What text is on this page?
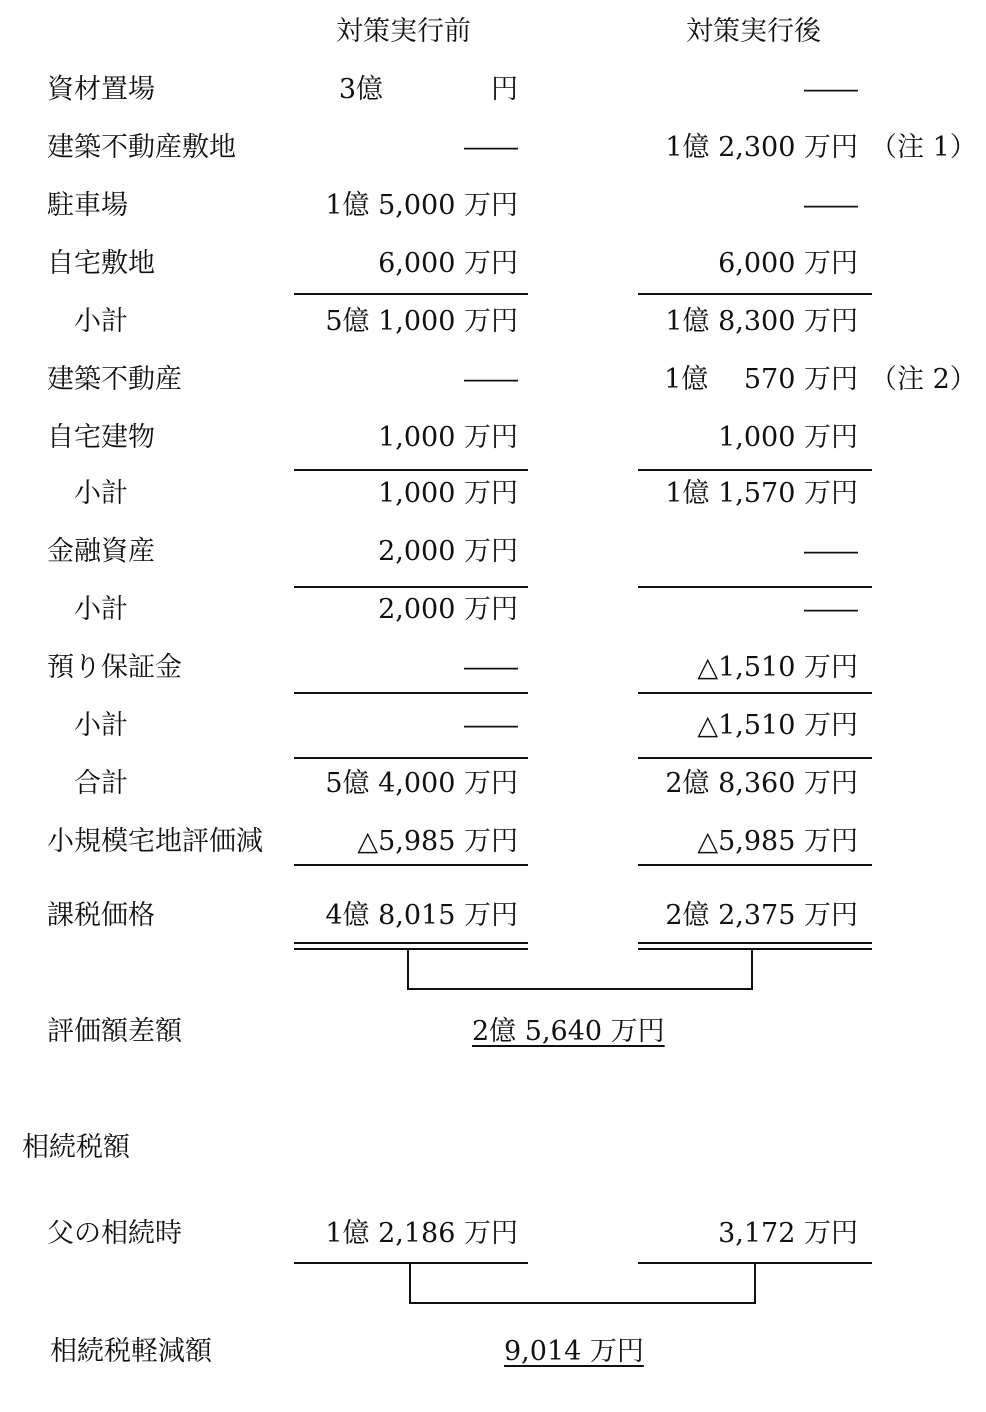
対策実行前	対策実行後
資材置場	3億　　　　円	――
建築不動産敷地	――	1億 2,300 万円 （注 1）
駐車場	1億 5,000 万円	――
自宅敷地	6,000 万円	6,000 万円
　小計	5億 1,000 万円	1億 8,300 万円
建築不動産	――	1億　 570 万円 （注 2）
自宅建物	1,000 万円	1,000 万円
　小計	1,000 万円	1億 1,570 万円
金融資産	2,000 万円	――
　小計	2,000 万円	――
預り保証金	――	△1,510 万円
　小計	――	△1,510 万円
　合計	5億 4,000 万円	2億 8,360 万円
小規模宅地評価減	△5,985 万円	△5,985 万円
課税価格	4億 8,015 万円	2億 2,375 万円
評価額差額	2億 5,640 万円
相続税額
父の相続時	1億 2,186 万円	3,172 万円
相続税軽減額	9,014 万円
